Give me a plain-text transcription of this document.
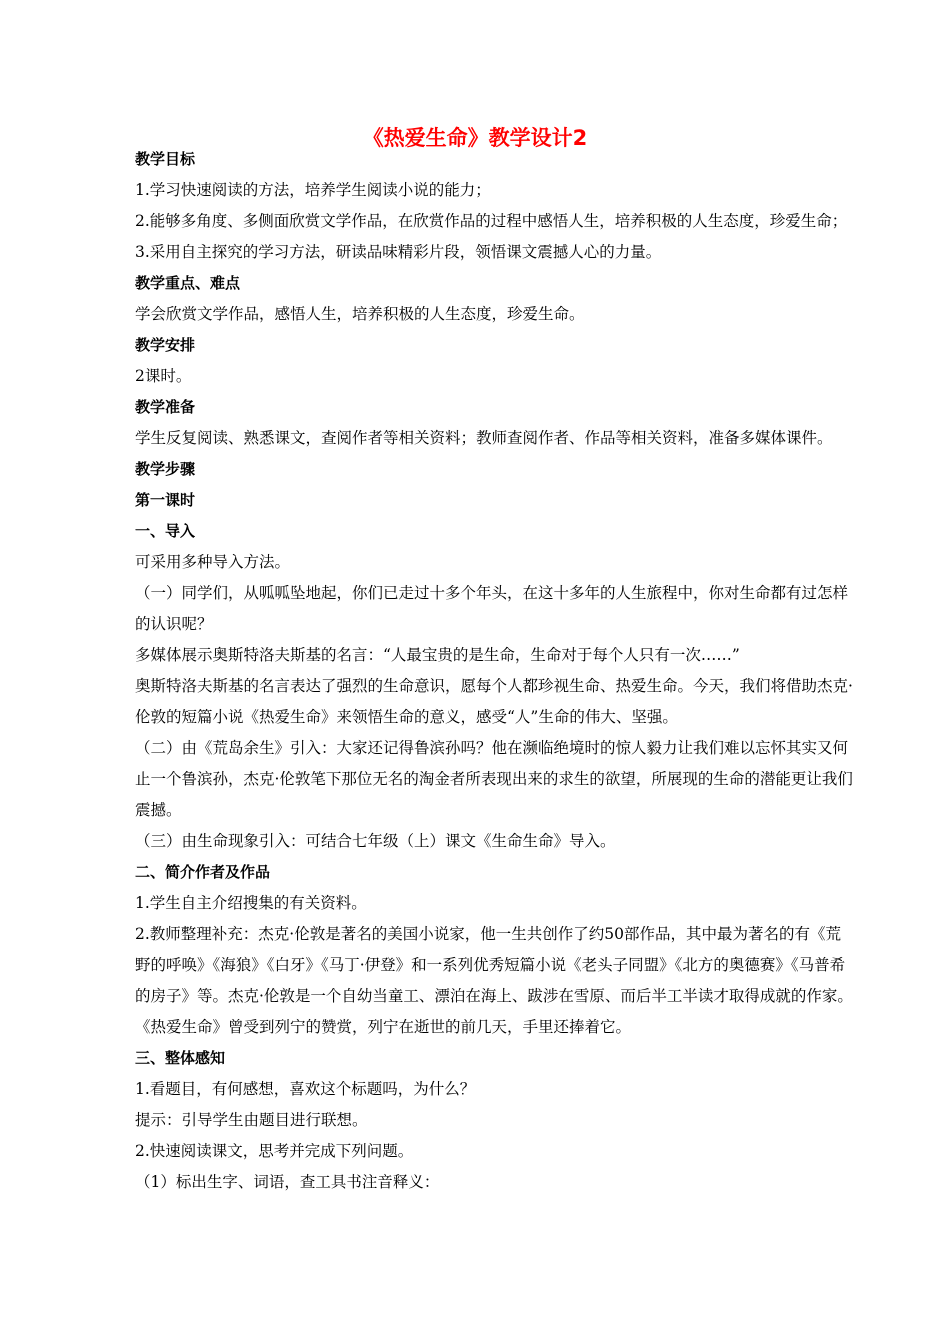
《热爱生命》教学设计2

教学目标

1.学习快速阅读的方法，培养学生阅读小说的能力；

2.能够多角度、多侧面欣赏文学作品，在欣赏作品的过程中感悟人生，培养积极的人生态度，珍爱生命；

3.采用自主探究的学习方法，研读品味精彩片段，领悟课文震撼人心的力量。

教学重点、难点

学会欣赏文学作品，感悟人生，培养积极的人生态度，珍爱生命。

教学安排

2课时。

教学准备

学生反复阅读、熟悉课文，查阅作者等相关资料；教师查阅作者、作品等相关资料，准备多媒体课件。

教学步骤

第一课时

一、导入

可采用多种导入方法。

（一）同学们，从呱呱坠地起，你们已走过十多个年头，在这十多年的人生旅程中，你对生命都有过怎样的认识呢？

多媒体展示奥斯特洛夫斯基的名言：“人最宝贵的是生命，生命对于每个人只有一次……”

奥斯特洛夫斯基的名言表达了强烈的生命意识，愿每个人都珍视生命、热爱生命。今天，我们将借助杰克·伦敦的短篇小说《热爱生命》来领悟生命的意义，感受“人”生命的伟大、坚强。

（二）由《荒岛余生》引入：大家还记得鲁滨孙吗？他在濒临绝境时的惊人毅力让我们难以忘怀其实又何止一个鲁滨孙，杰克·伦敦笔下那位无名的淘金者所表现出来的求生的欲望，所展现的生命的潜能更让我们震撼。

（三）由生命现象引入：可结合七年级（上）课文《生命生命》导入。

二、简介作者及作品

1.学生自主介绍搜集的有关资料。

2.教师整理补充：杰克·伦敦是著名的美国小说家，他一生共创作了约50部作品，其中最为著名的有《荒野的呼唤》《海狼》《白牙》《马丁·伊登》和一系列优秀短篇小说《老头子同盟》《北方的奥德赛》《马普希的房子》等。杰克·伦敦是一个自幼当童工、漂泊在海上、跋涉在雪原、而后半工半读才取得成就的作家。《热爱生命》曾受到列宁的赞赏，列宁在逝世的前几天，手里还捧着它。

三、整体感知

1.看题目，有何感想，喜欢这个标题吗，为什么？

提示：引导学生由题目进行联想。

2.快速阅读课文，思考并完成下列问题。

（1）标出生字、词语，查工具书注音释义：
